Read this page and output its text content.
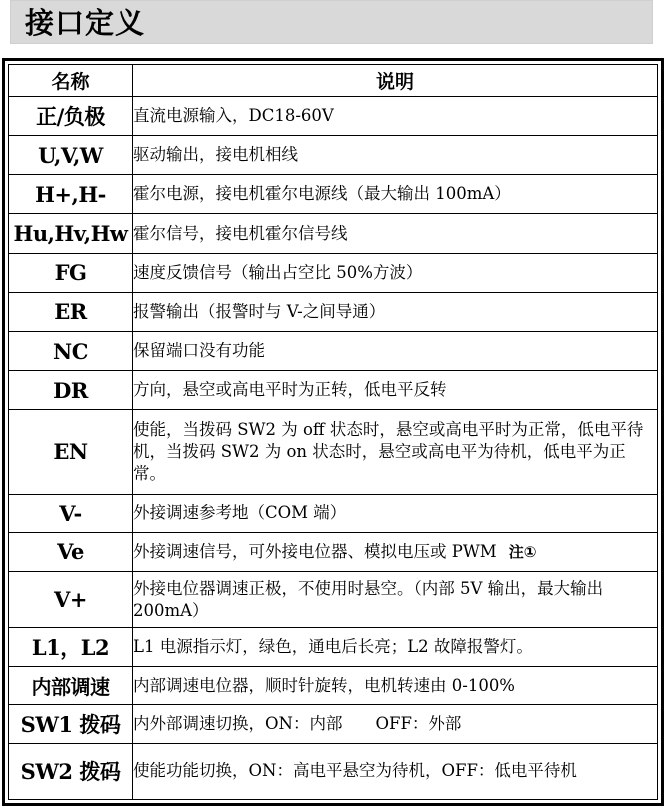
接口定义
名称	说明
正/负极	直流电源输入，DC18-60V
U,V,W	驱动输出，接电机相线
H+,H-	霍尔电源，接电机霍尔电源线（最大输出 100mA）
Hu,Hv,Hw	霍尔信号，接电机霍尔信号线
FG	速度反馈信号（输出占空比 50%方波）
ER	报警输出（报警时与 V-之间导通）
NC	保留端口没有功能
DR	方向，悬空或高电平时为正转，低电平反转
EN	使能，当拨码 SW2 为 off 状态时，悬空或高电平时为正常，低电平待机，当拨码 SW2 为 on 状态时，悬空或高电平为待机，低电平为正常。
V-	外接调速参考地（COM 端）
Ve	外接调速信号，可外接电位器、模拟电压或 PWM 注①
V+	外接电位器调速正极，不使用时悬空。（内部 5V 输出，最大输出 200mA）
L1，L2	L1 电源指示灯，绿色，通电后长亮；L2 故障报警灯。
内部调速	内部调速电位器，顺时针旋转，电机转速由 0-100%
SW1 拨码	内外部调速切换，ON：内部　　OFF：外部
SW2 拨码	使能功能切换，ON：高电平悬空为待机，OFF：低电平待机
